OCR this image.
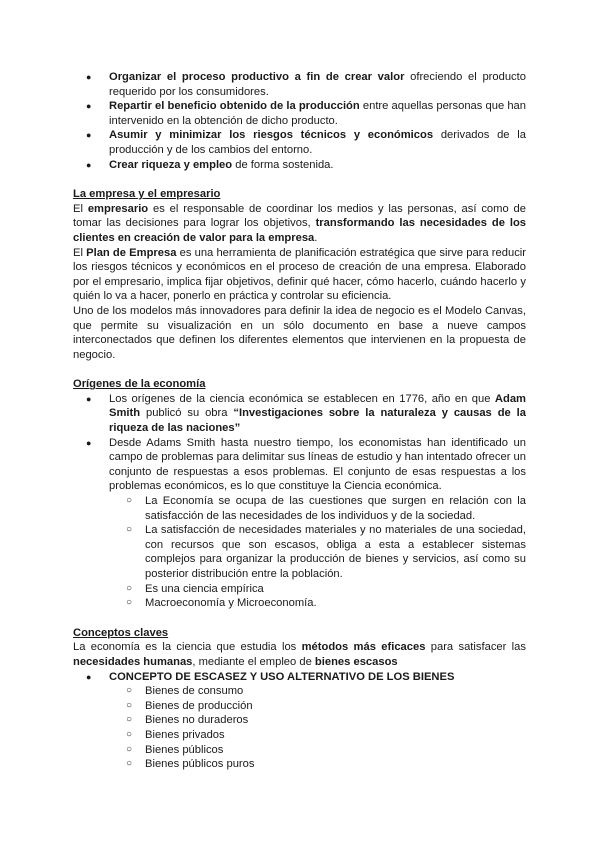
● Organizar el proceso productivo a fin de crear valor ofreciendo el producto requerido por los consumidores.
● Repartir el beneficio obtenido de la producción entre aquellas personas que han intervenido en la obtención de dicho producto.
● Asumir y minimizar los riesgos técnicos y económicos derivados de la producción y de los cambios del entorno.
● Crear riqueza y empleo de forma sostenida.
La empresa y el empresario

El empresario es el responsable de coordinar los medios y las personas, así como de tomar las decisiones para lograr los objetivos, transformando las necesidades de los clientes en creación de valor para la empresa.

El Plan de Empresa es una herramienta de planificación estratégica que sirve para reducir los riesgos técnicos y económicos en el proceso de creación de una empresa. Elaborado por el empresario, implica fijar objetivos, definir qué hacer, cómo hacerlo, cuándo hacerlo y quién lo va a hacer, ponerlo en práctica y controlar su eficiencia.

Uno de los modelos más innovadores para definir la idea de negocio es el Modelo Canvas, que permite su visualización en un sólo documento en base a nueve campos interconectados que definen los diferentes elementos que intervienen en la propuesta de negocio.

Orígenes de la economía
● Los orígenes de la ciencia económica se establecen en 1776, año en que Adam Smith publicó su obra “Investigaciones sobre la naturaleza y causas de la riqueza de las naciones”
● Desde Adams Smith hasta nuestro tiempo, los economistas han identificado un campo de problemas para delimitar sus líneas de estudio y han intentado ofrecer un conjunto de respuestas a esos problemas. El conjunto de esas respuestas a los problemas económicos, es lo que constituye la Ciencia económica.
○ La Economía se ocupa de las cuestiones que surgen en relación con la satisfacción de las necesidades de los individuos y de la sociedad.
○ La satisfacción de necesidades materiales y no materiales de una sociedad, con recursos que son escasos, obliga a esta a establecer sistemas complejos para organizar la producción de bienes y servicios, así como su posterior distribución entre la población.
○ Es una ciencia empírica
○ Macroeconomía y Microeconomía.
Conceptos claves

La economía es la ciencia que estudia los métodos más eficaces para satisfacer las necesidades humanas, mediante el empleo de bienes escasos

● CONCEPTO DE ESCASEZ Y USO ALTERNATIVO DE LOS BIENES
○ Bienes de consumo
○ Bienes de producción
○ Bienes no duraderos
○ Bienes privados
○ Bienes públicos
○ Bienes públicos puros
